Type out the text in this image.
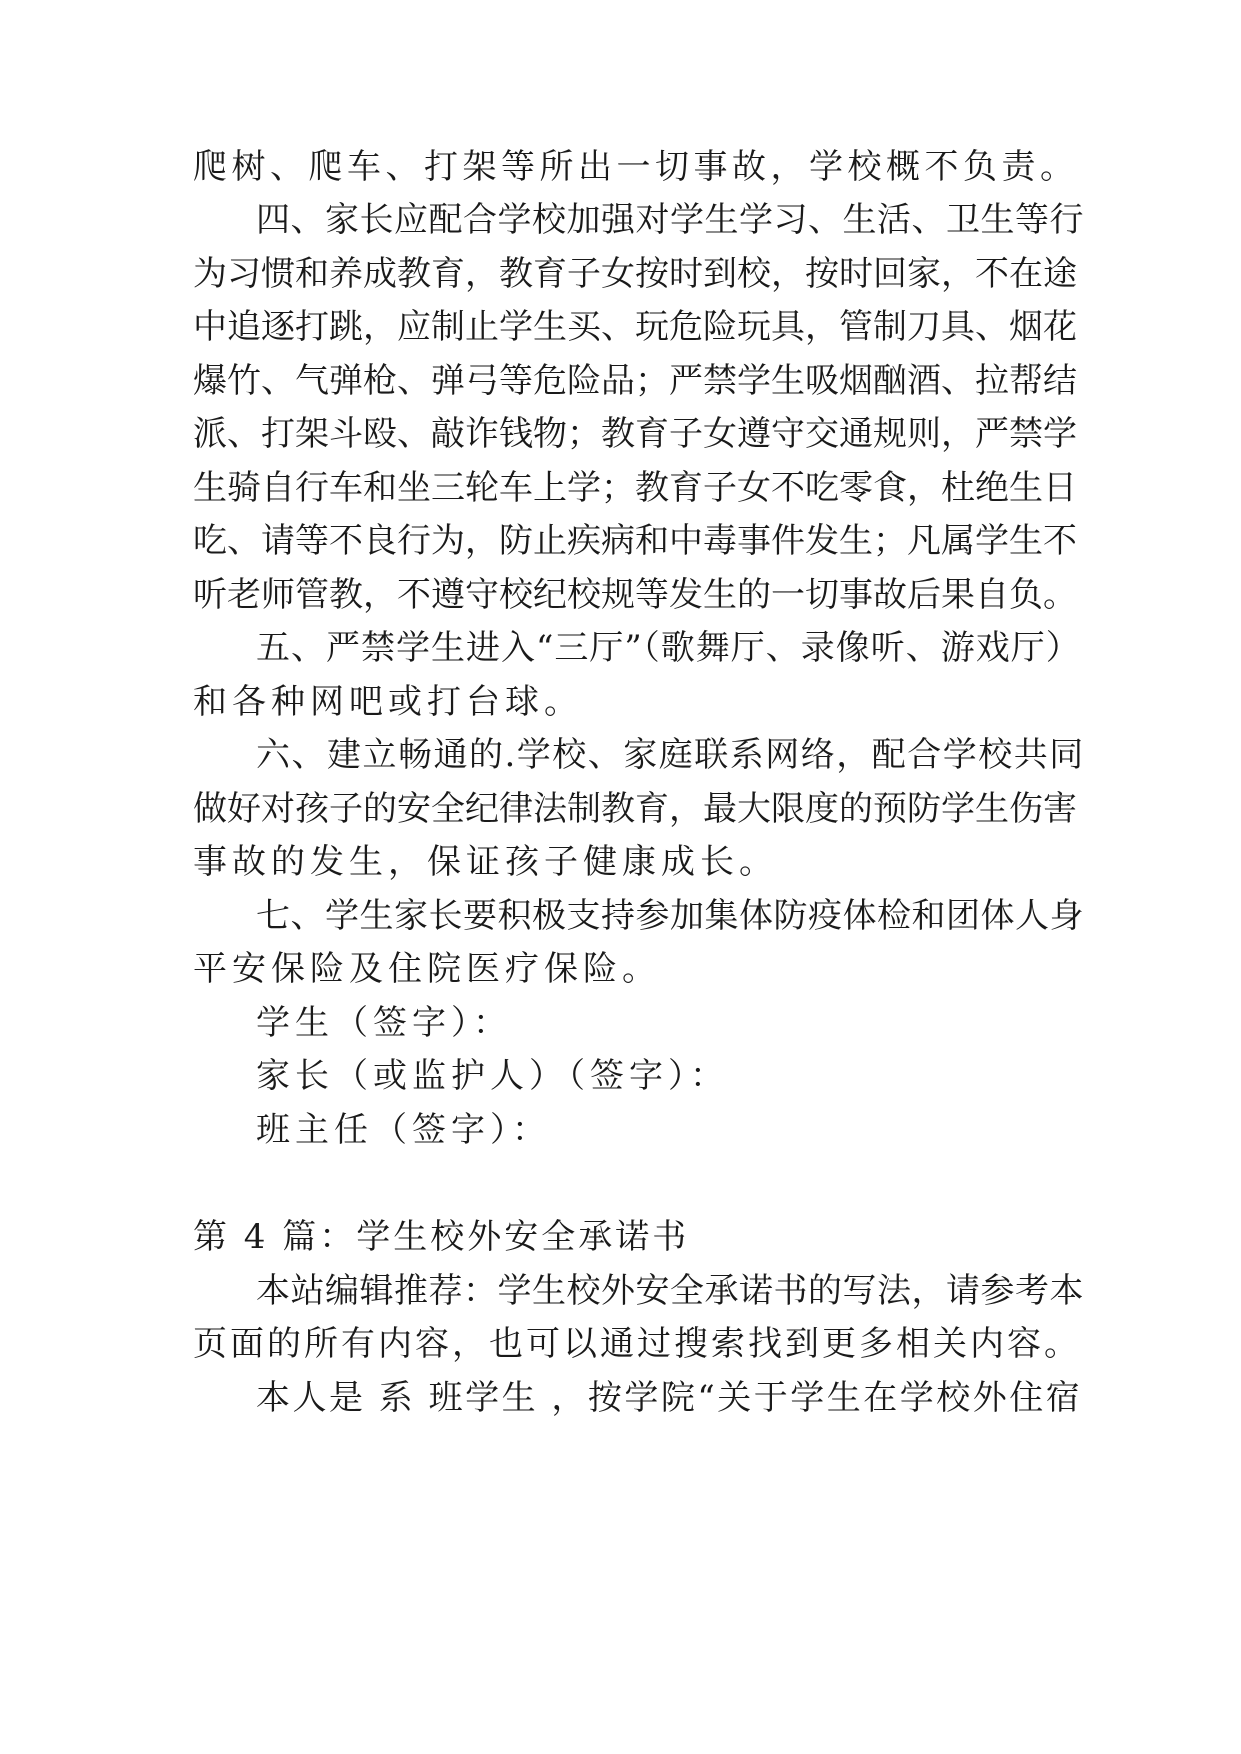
爬树、爬车、打架等所出一切事故，学校概不负责。

四、家长应配合学校加强对学生学习、生活、卫生等行

为习惯和养成教育，教育子女按时到校，按时回家，不在途

中追逐打跳，应制止学生买、玩危险玩具，管制刀具、烟花

爆竹、气弹枪、弹弓等危险品；严禁学生吸烟酗酒、拉帮结

派、打架斗殴、敲诈钱物；教育子女遵守交通规则，严禁学

生骑自行车和坐三轮车上学；教育子女不吃零食，杜绝生日

吃、请等不良行为，防止疾病和中毒事件发生；凡属学生不

听老师管教，不遵守校纪校规等发生的一切事故后果自负。

五、严禁学生进入“三厅”（歌舞厅、录像听、游戏厅）

和各种网吧或打台球。

六、建立畅通的.学校、家庭联系网络，配合学校共同

做好对孩子的安全纪律法制教育，最大限度的预防学生伤害

事故的发生，保证孩子健康成长。

七、学生家长要积极支持参加集体防疫体检和团体人身

平安保险及住院医疗保险。

学生（签字）：

家长（或监护人）（签字）：

班主任（签字）：

第 4 篇：学生校外安全承诺书

本站编辑推荐：学生校外安全承诺书的写法，请参考本

页面的所有内容，也可以通过搜索找到更多相关内容。

本人是 系 班学生 ，按学院“关于学生在学校外住宿
